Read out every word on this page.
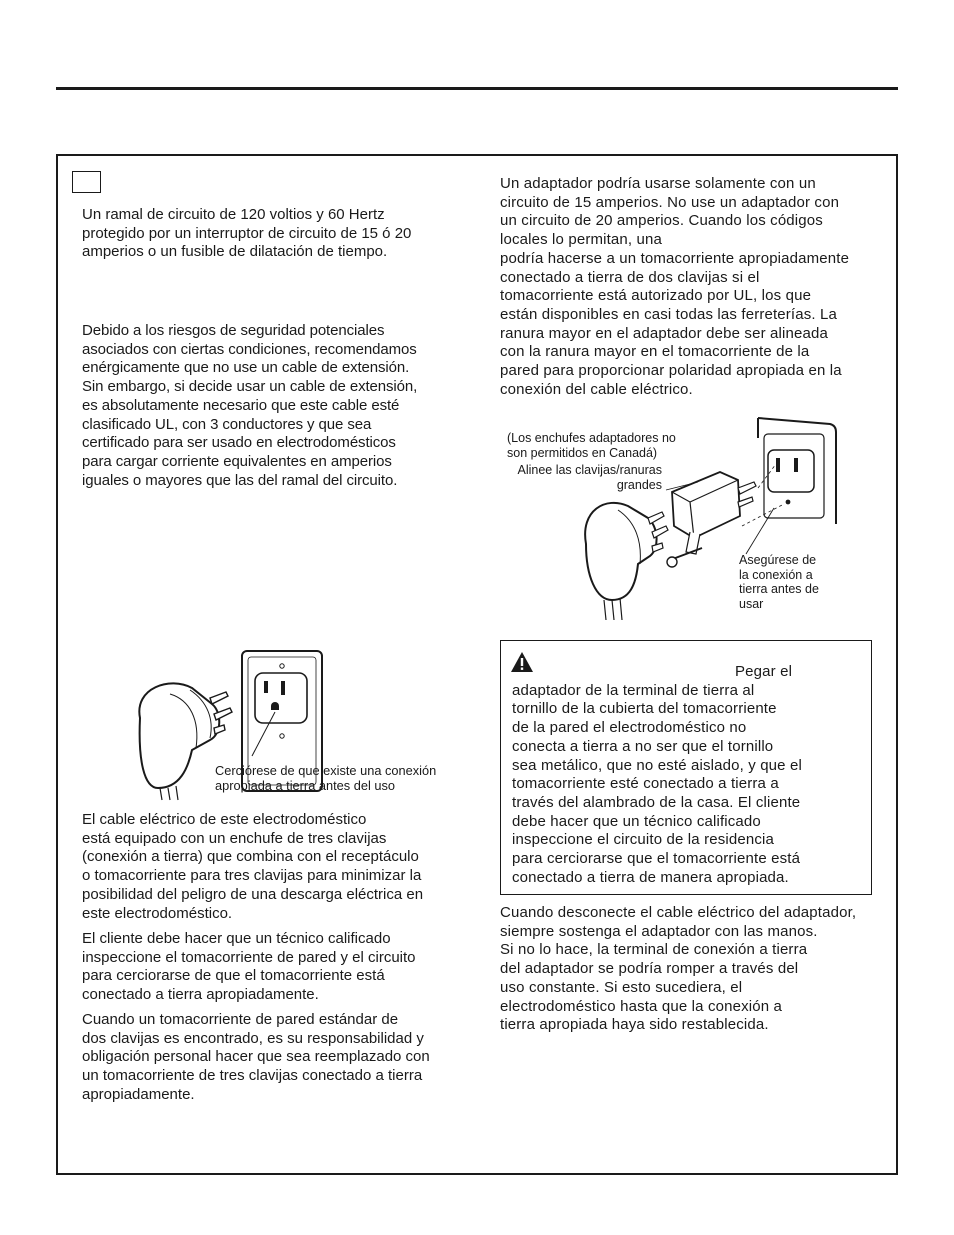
Un ramal de circuito de 120 voltios y 60 Hertz
protegido por un interruptor de circuito de 15 ó 20
amperios o un fusible de dilatación de tiempo.
Debido a los riesgos de seguridad potenciales
asociados con ciertas condiciones, recomendamos
enérgicamente que no use un cable de extensión.
Sin embargo, si decide usar un cable de extensión,
es absolutamente necesario que este cable esté
clasificado UL, con 3 conductores y que sea
certificado para ser usado en electrodomésticos
para cargar corriente equivalentes en amperios
iguales o mayores que las del ramal del circuito.
Cerciórese de que existe una conexión
apropiada a tierra antes del uso
El cable eléctrico de este electrodoméstico
está equipado con un enchufe de tres clavijas
(conexión a tierra) que combina con el receptáculo
o tomacorriente para tres clavijas para minimizar la
posibilidad del peligro de una descarga eléctrica en
este electrodoméstico.
El cliente debe hacer que un técnico calificado
inspeccione el tomacorriente de pared y el circuito
para cerciorarse de que el tomacorriente está
conectado a tierra apropiadamente.
Cuando un tomacorriente de pared estándar de
dos clavijas es encontrado, es su responsabilidad y
obligación personal hacer que sea reemplazado con
un tomacorriente de tres clavijas conectado a tierra
apropiadamente.
Un adaptador podría usarse solamente con un
circuito de 15 amperios. No use un adaptador con
un circuito de 20 amperios. Cuando los códigos
locales lo permitan, una
podría hacerse a un tomacorriente apropiadamente
conectado a tierra de dos clavijas si el
tomacorriente está autorizado por UL, los que
están disponibles en casi todas las ferreterías. La
ranura mayor en el adaptador debe ser alineada
con la ranura mayor en el tomacorriente de la
pared para proporcionar polaridad apropiada en la
conexión del cable eléctrico.
(Los enchufes adaptadores no
son permitidos en Canadá)
Alinee las clavijas/ranuras
grandes
Asegúrese de
la conexión a
tierra antes de
usar

Pegar el
adaptador de la terminal de tierra al
tornillo de la cubierta del tomacorriente
de la pared el electrodoméstico no
conecta a tierra a no ser que el tornillo
sea metálico, que no esté aislado, y que el
tomacorriente esté conectado a tierra a
través del alambrado de la casa. El cliente
debe hacer que un técnico calificado
inspeccione el circuito de la residencia
para cerciorarse que el tomacorriente está
conectado a tierra de manera apropiada.
Cuando desconecte el cable eléctrico del adaptador,
siempre sostenga el adaptador con las manos.
Si no lo hace, la terminal de conexión a tierra
del adaptador se podría romper a través del
uso constante. Si esto sucediera, el
electrodoméstico hasta que la conexión a
tierra apropiada haya sido restablecida.
